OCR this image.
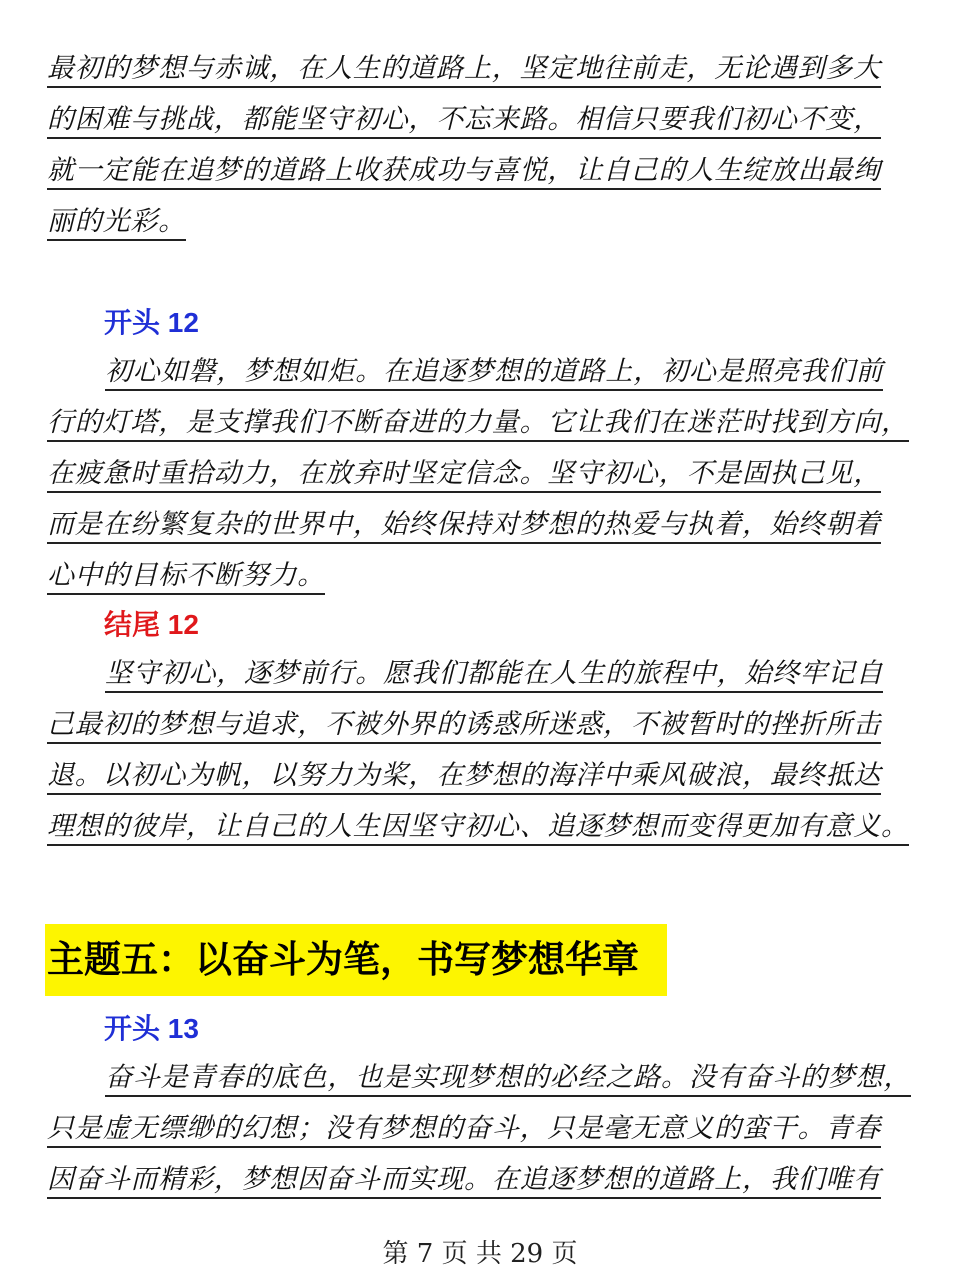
最初的梦想与赤诚，在人生的道路上，坚定地往前走，无论遇到多大
的困难与挑战，都能坚守初心，不忘来路。相信只要我们初心不变，
就一定能在追梦的道路上收获成功与喜悦，让自己的人生绽放出最绚
丽的光彩。

开头 12

初心如磐，梦想如炬。在追逐梦想的道路上，初心是照亮我们前
行的灯塔，是支撑我们不断奋进的力量。它让我们在迷茫时找到方向，
在疲惫时重拾动力，在放弃时坚定信念。坚守初心，不是固执己见，
而是在纷繁复杂的世界中，始终保持对梦想的热爱与执着，始终朝着
心中的目标不断努力。

结尾 12

坚守初心，逐梦前行。愿我们都能在人生的旅程中，始终牢记自
己最初的梦想与追求，不被外界的诱惑所迷惑，不被暂时的挫折所击
退。以初心为帆，以努力为桨，在梦想的海洋中乘风破浪，最终抵达
理想的彼岸，让自己的人生因坚守初心、追逐梦想而变得更加有意义。

主题五：以奋斗为笔，书写梦想华章

开头 13

奋斗是青春的底色，也是实现梦想的必经之路。没有奋斗的梦想，
只是虚无缥缈的幻想；没有梦想的奋斗，只是毫无意义的蛮干。青春
因奋斗而精彩，梦想因奋斗而实现。在追逐梦想的道路上，我们唯有

第 7 页 共 29 页
